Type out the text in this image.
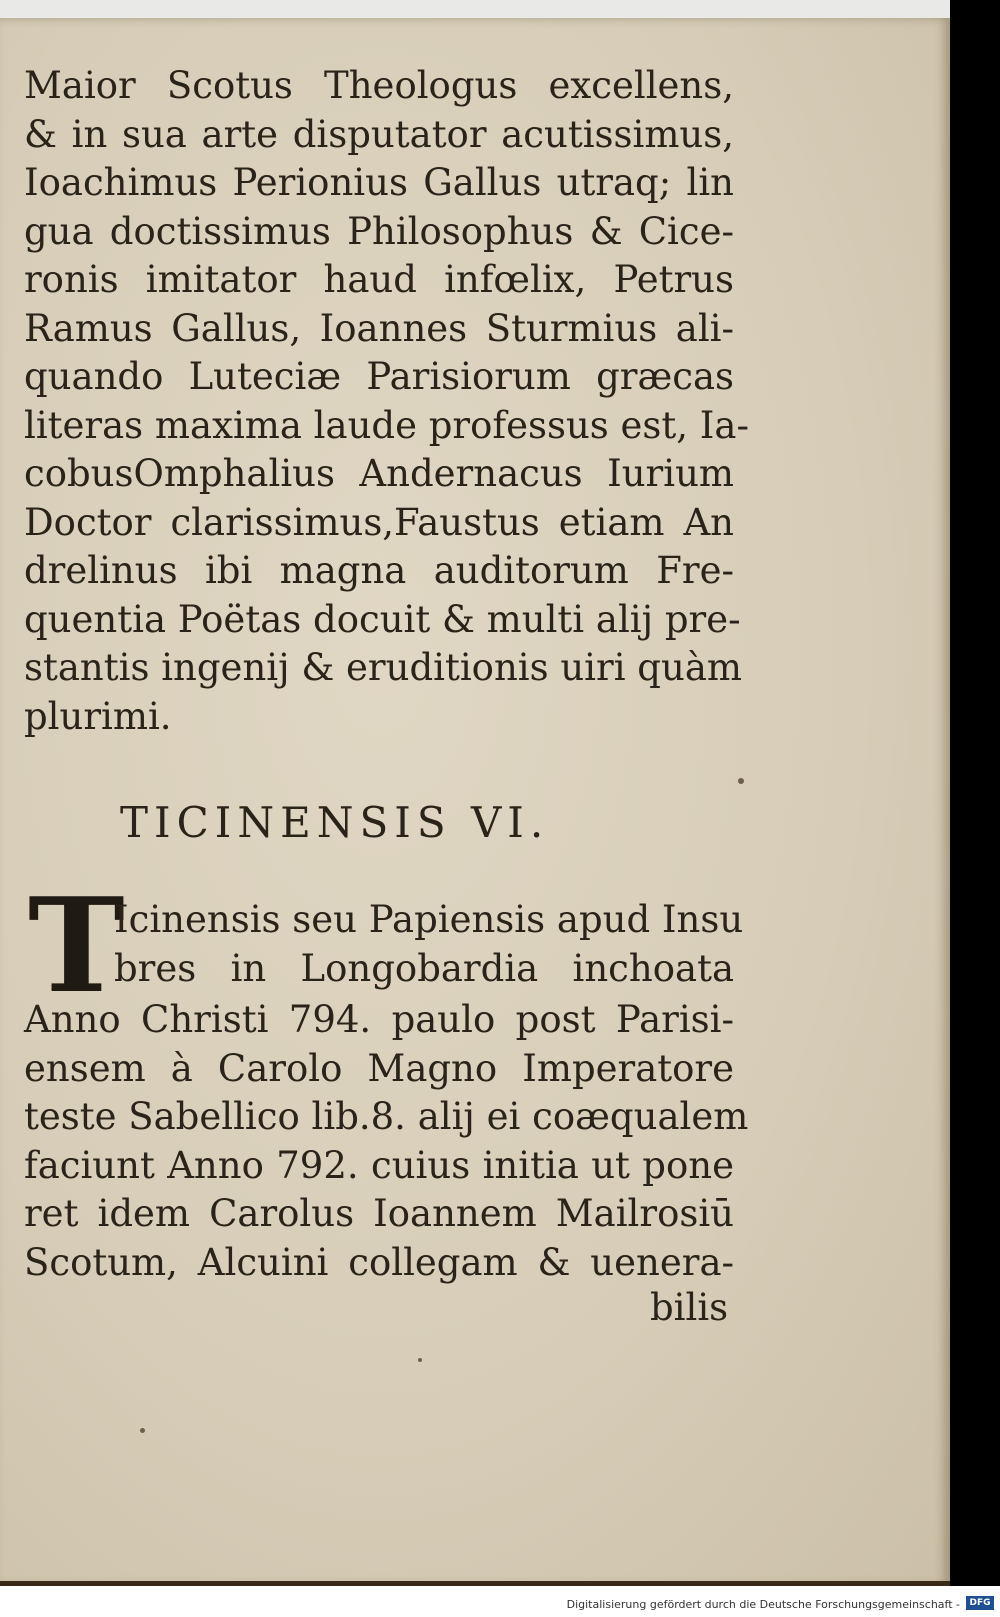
Maior Scotus Theologus excellens,
& in sua arte disputator acutissimus,
Ioachimus Perionius Gallus utraq; lin
gua doctissimus Philosophus & Cice-
ronis imitator haud infœlix, Petrus
Ramus Gallus, Ioannes Sturmius ali-
quando Luteciæ Parisiorum græcas
literas maxima laude professus est, Ia-
cobusOmphalius Andernacus Iurium
Doctor clarissimus,Faustus etiam An
drelinus ibi magna auditorum Fre-
quentia Poëtas docuit & multi alij pre-
stantis ingenij & eruditionis uiri quàm
plurimi.
TICINENSIS VI.
T
Icinensis seu Papiensis apud Insu
bres in Longobardia inchoata
Anno Christi 794. paulo post Parisi-
ensem à Carolo Magno Imperatore
teste Sabellico lib.8. alij ei coæqualem
faciunt Anno 792. cuius initia ut pone
ret idem Carolus Ioannem Mailrosiū
Scotum, Alcuini collegam & uenera-
bilis
Digitalisierung gefördert durch die Deutsche Forschungsgemeinschaft -	DFG
